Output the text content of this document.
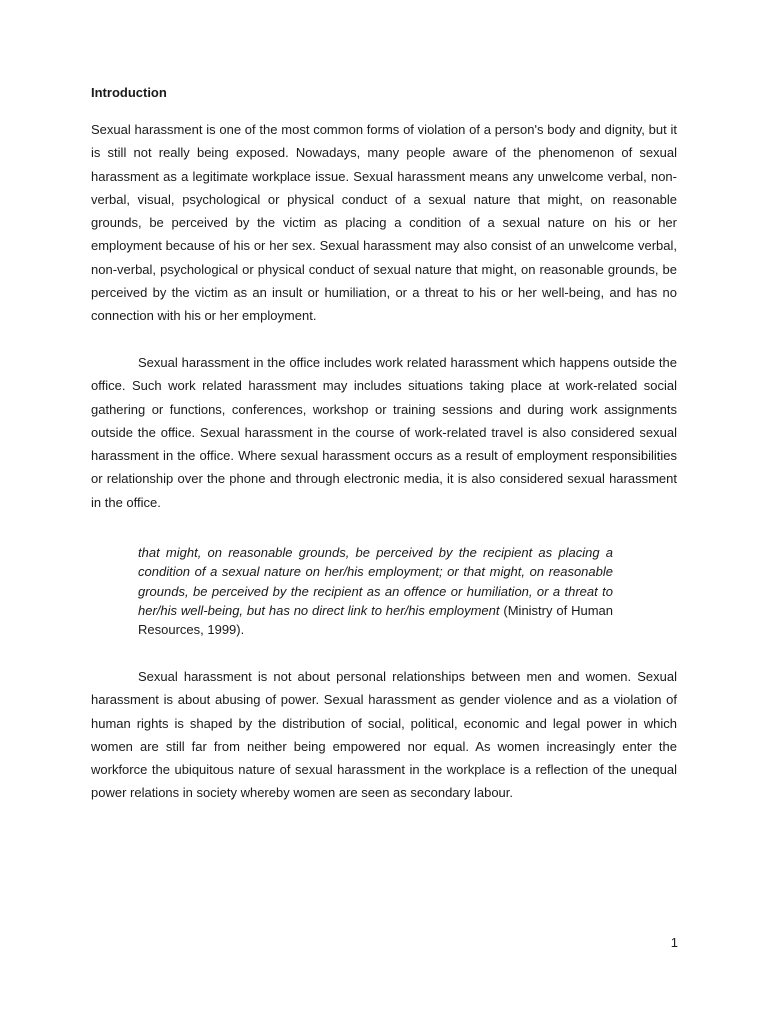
Introduction

Sexual harassment is one of the most common forms of violation of a person's body and dignity, but it is still not really being exposed. Nowadays, many people aware of the phenomenon of sexual harassment as a legitimate workplace issue. Sexual harassment means any unwelcome verbal, non-verbal, visual, psychological or physical conduct of a sexual nature that might, on reasonable grounds, be perceived by the victim as placing a condition of a sexual nature on his or her employment because of his or her sex. Sexual harassment may also consist of an unwelcome verbal, non-verbal, psychological or physical conduct of sexual nature that might, on reasonable grounds, be perceived by the victim as an insult or humiliation, or a threat to his or her well-being, and has no connection with his or her employment.

Sexual harassment in the office includes work related harassment which happens outside the office. Such work related harassment may includes situations taking place at work-related social gathering or functions, conferences, workshop or training sessions and during work assignments outside the office. Sexual harassment in the course of work-related travel is also considered sexual harassment in the office. Where sexual harassment occurs as a result of employment responsibilities or relationship over the phone and through electronic media, it is also considered sexual harassment in the office.

that might, on reasonable grounds, be perceived by the recipient as placing a condition of a sexual nature on her/his employment; or that might, on reasonable grounds, be perceived by the recipient as an offence or humiliation, or a threat to her/his well-being, but has no direct link to her/his employment (Ministry of Human Resources, 1999).

Sexual harassment is not about personal relationships between men and women. Sexual harassment is about abusing of power. Sexual harassment as gender violence and as a violation of human rights is shaped by the distribution of social, political, economic and legal power in which women are still far from neither being empowered nor equal. As women increasingly enter the workforce the ubiquitous nature of sexual harassment in the workplace is a reflection of the unequal power relations in society whereby women are seen as secondary labour.

1
